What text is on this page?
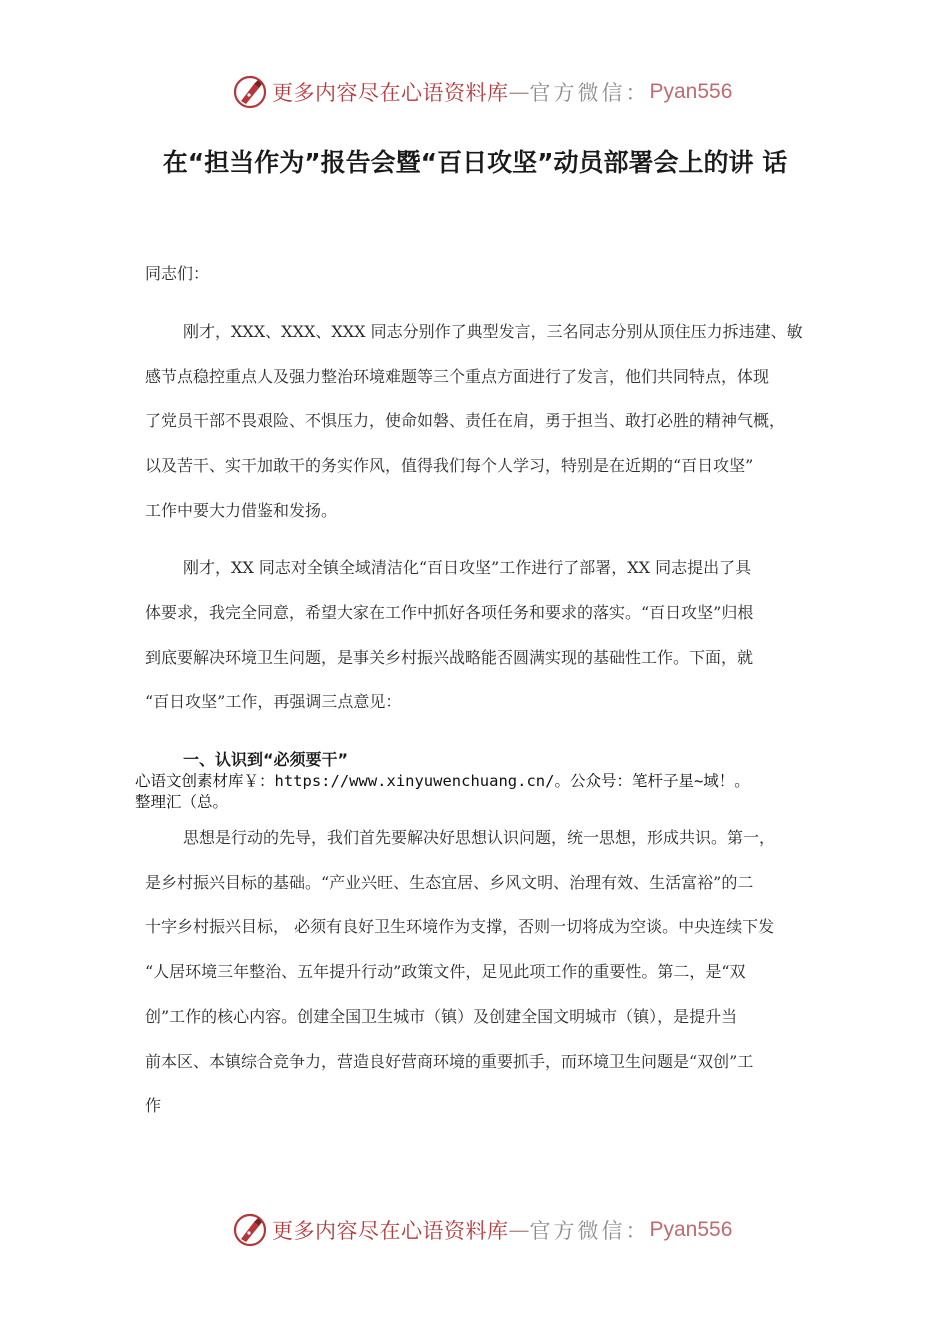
更多内容尽在心语资料库 — 官方微信： Pyan556
在“担当作为”报告会暨“百日攻坚”动员部署会上的讲 话
同志们：
刚才，XXX、XXX、XXX 同志分别作了典型发言，三名同志分别从顶住压力拆违建、敏
感节点稳控重点人及强力整治环境难题等三个重点方面进行了发言，他们共同特点，体现
了党员干部不畏艰险、不惧压力，使命如磐、责任在肩，勇于担当、敢打必胜的精神气概，
以及苦干、实干加敢干的务实作风，值得我们每个人学习，特别是在近期的“百日攻坚”
工作中要大力借鉴和发扬。
刚才，XX 同志对全镇全域清洁化“百日攻坚”工作进行了部署，XX 同志提出了具
体要求，我完全同意，希望大家在工作中抓好各项任务和要求的落实。“百日攻坚”归根
到底要解决环境卫生问题，是事关乡村振兴战略能否圆满实现的基础性工作。下面，就
“百日攻坚”工作，再强调三点意见：
一、认识到“必须要干”
心语文创素材库￥：https://www.xinyuwenchuang.cn/。公众号：笔杆子星~域！。
整理汇（总。
思想是行动的先导，我们首先要解决好思想认识问题，统一思想，形成共识。第一，
是乡村振兴目标的基础。“产业兴旺、生态宜居、乡风文明、治理有效、生活富裕”的二
十字乡村振兴目标， 必须有良好卫生环境作为支撑，否则一切将成为空谈。中央连续下发
“人居环境三年整治、五年提升行动”政策文件，足见此项工作的重要性。第二，是“双
创”工作的核心内容。创建全国卫生城市（镇）及创建全国文明城市（镇），是提升当
前本区、本镇综合竞争力，营造良好营商环境的重要抓手，而环境卫生问题是“双创”工
作
更多内容尽在心语资料库 — 官方微信： Pyan556
